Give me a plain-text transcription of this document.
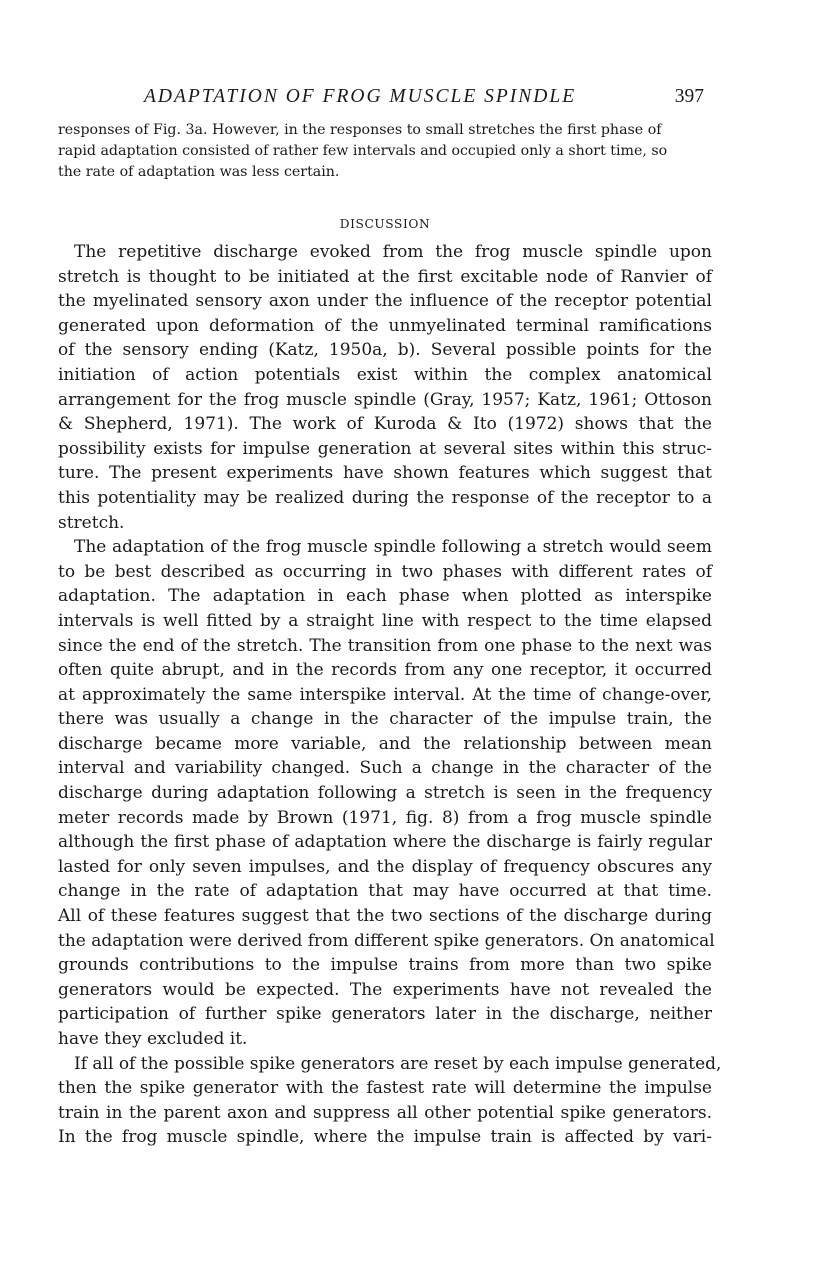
ADAPTATION OF FROG MUSCLE SPINDLE	397

responses of Fig. 3a. However, in the responses to small stretches the first phase of
rapid adaptation consisted of rather few intervals and occupied only a short time, so
the rate of adaptation was less certain.

DISCUSSION

The repetitive discharge evoked from the frog muscle spindle upon
stretch is thought to be initiated at the first excitable node of Ranvier of
the myelinated sensory axon under the influence of the receptor potential
generated upon deformation of the unmyelinated terminal ramifications
of the sensory ending (Katz, 1950a, b). Several possible points for the
initiation of action potentials exist within the complex anatomical
arrangement for the frog muscle spindle (Gray, 1957; Katz, 1961; Ottoson
& Shepherd, 1971). The work of Kuroda & Ito (1972) shows that the
possibility exists for impulse generation at several sites within this struc-
ture. The present experiments have shown features which suggest that
this potentiality may be realized during the response of the receptor to a
stretch.

The adaptation of the frog muscle spindle following a stretch would seem
to be best described as occurring in two phases with different rates of
adaptation. The adaptation in each phase when plotted as interspike
intervals is well fitted by a straight line with respect to the time elapsed
since the end of the stretch. The transition from one phase to the next was
often quite abrupt, and in the records from any one receptor, it occurred
at approximately the same interspike interval. At the time of change-over,
there was usually a change in the character of the impulse train, the
discharge became more variable, and the relationship between mean
interval and variability changed. Such a change in the character of the
discharge during adaptation following a stretch is seen in the frequency
meter records made by Brown (1971, fig. 8) from a frog muscle spindle
although the first phase of adaptation where the discharge is fairly regular
lasted for only seven impulses, and the display of frequency obscures any
change in the rate of adaptation that may have occurred at that time.
All of these features suggest that the two sections of the discharge during
the adaptation were derived from different spike generators. On anatomical
grounds contributions to the impulse trains from more than two spike
generators would be expected. The experiments have not revealed the
participation of further spike generators later in the discharge, neither
have they excluded it.

If all of the possible spike generators are reset by each impulse generated,
then the spike generator with the fastest rate will determine the impulse
train in the parent axon and suppress all other potential spike generators.
In the frog muscle spindle, where the impulse train is affected by vari-
